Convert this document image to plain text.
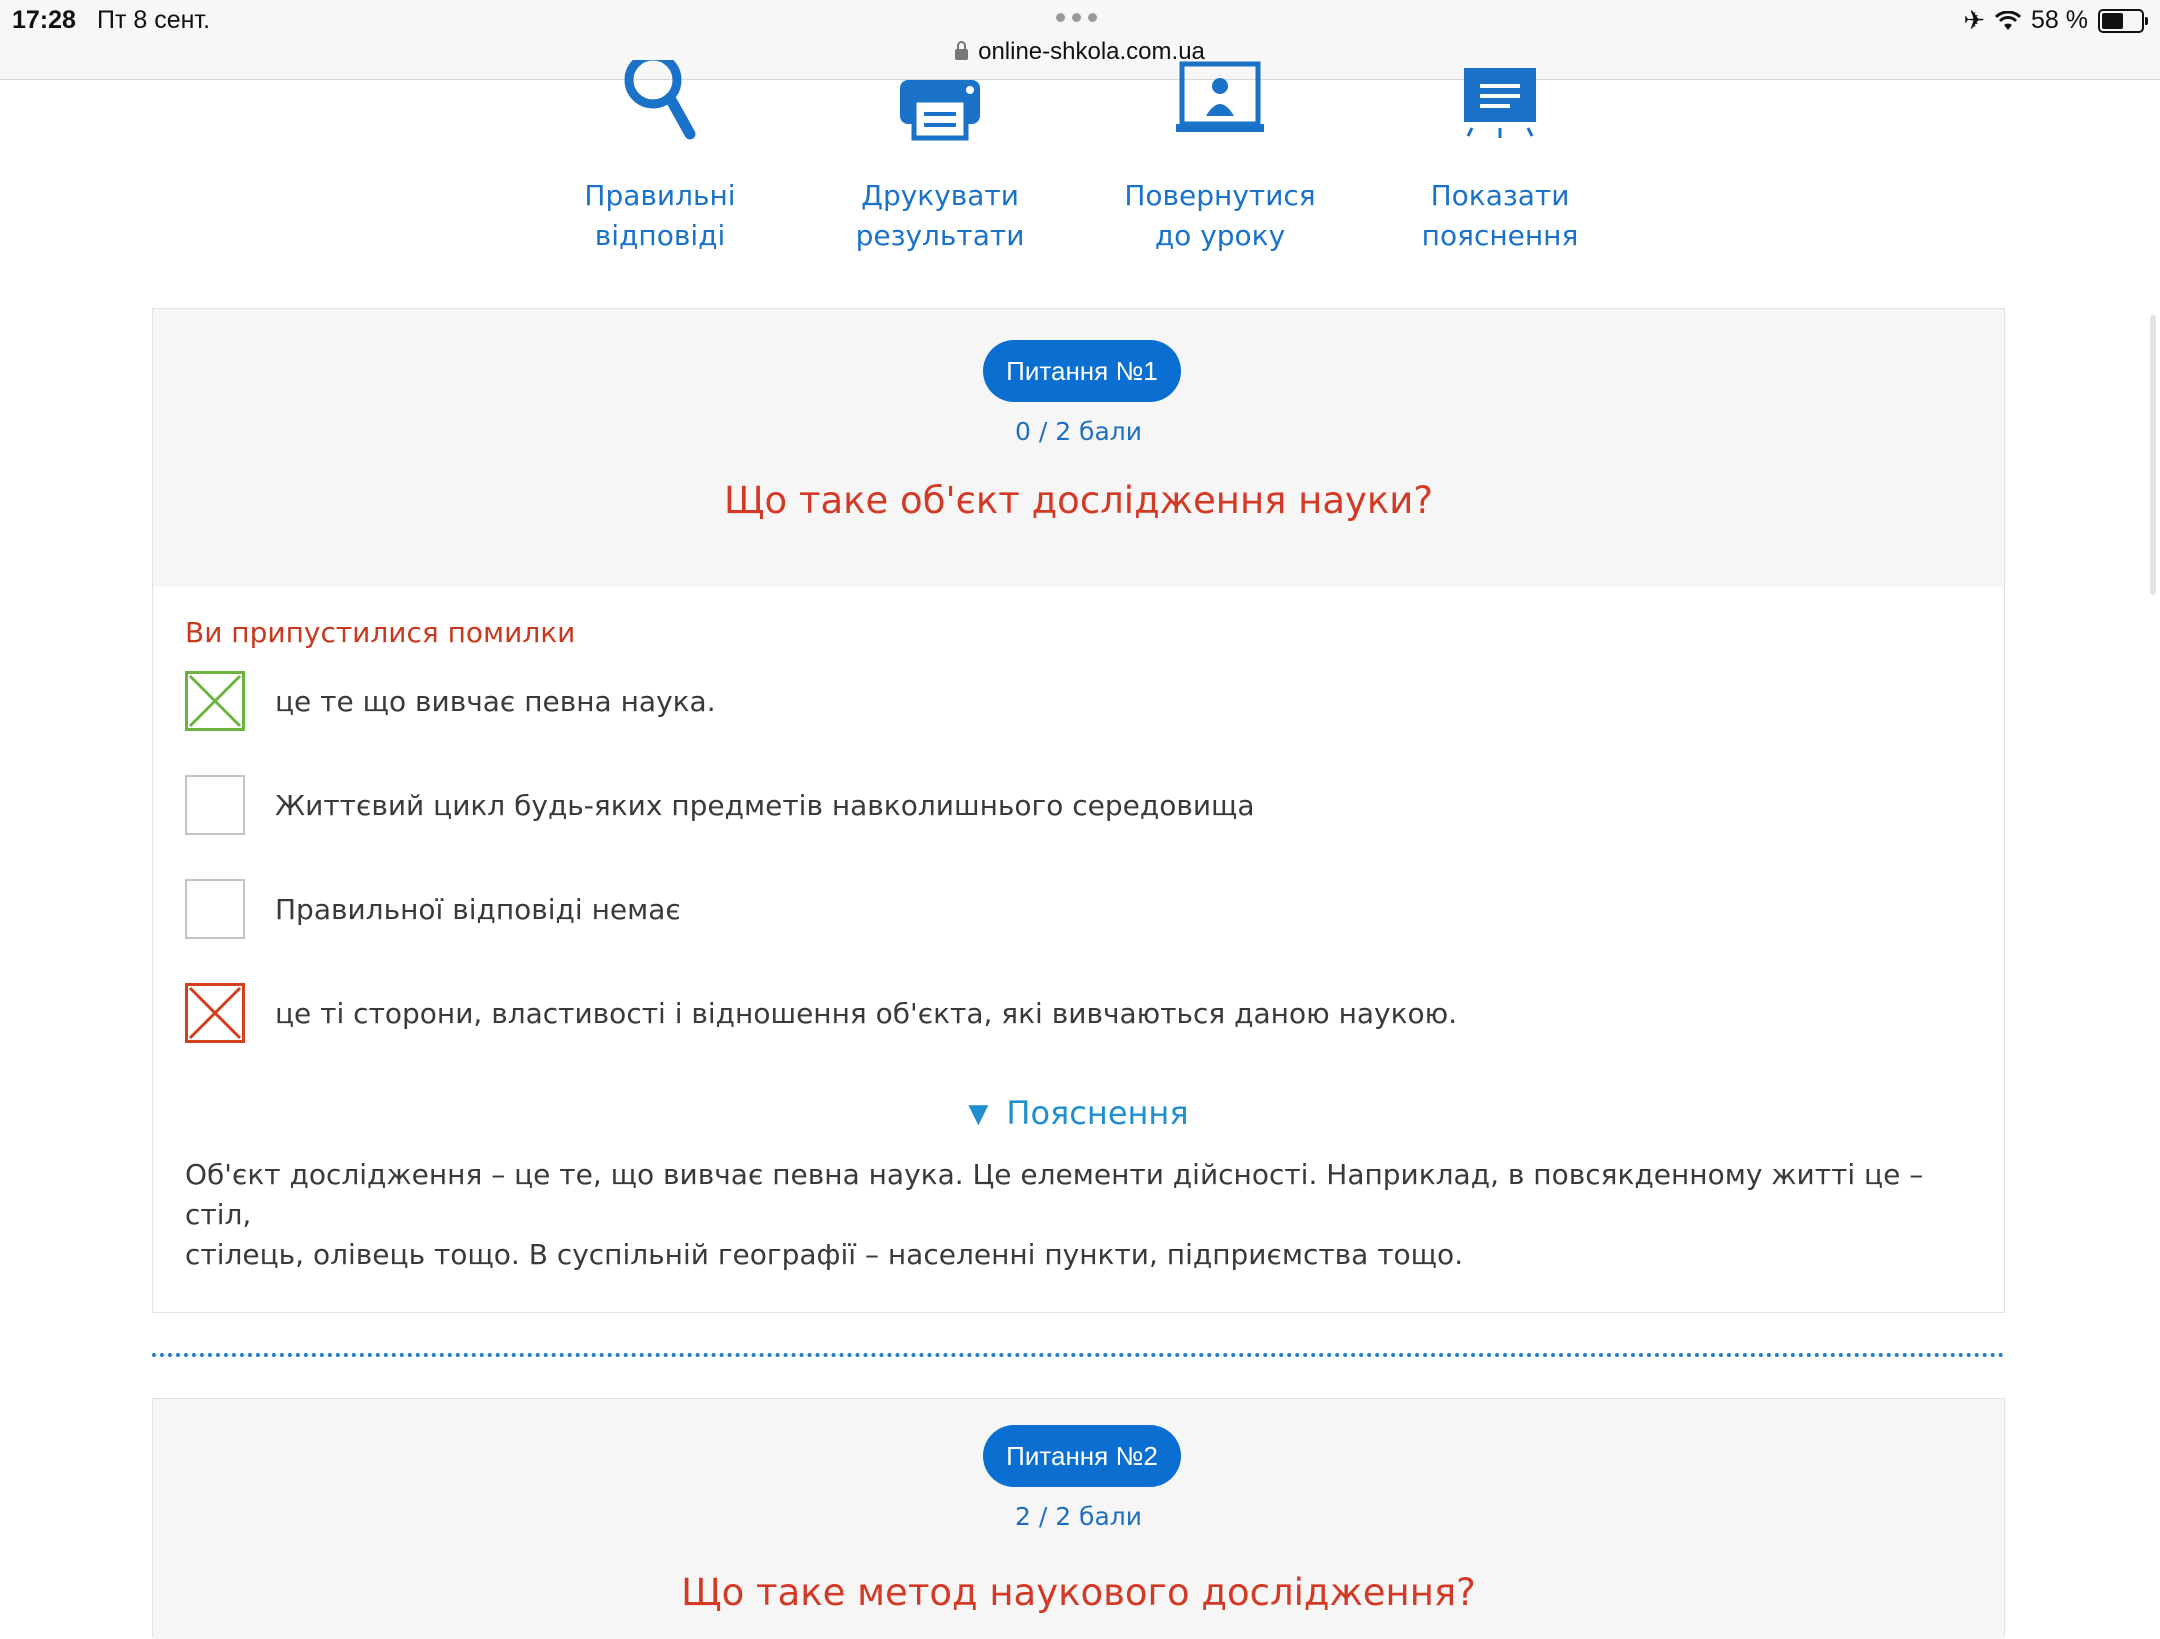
17:28 Пт 8 сент.
online-shkola.com.ua
✈ 58 %
Правильні
відповіді
Друкувати
результати
Повернутися
до уроку
Показати
пояснення
Питання №1
0 / 2 бали
Що таке об'єкт дослідження науки?
Ви припустилися помилки
це те що вивчає певна наука.
Життєвий цикл будь-яких предметів навколишнього середовища
Правильної відповіді немає
це ті сторони, властивості і відношення об'єкта, які вивчаються даною наукою.
▼ Пояснення
Об'єкт дослідження – це те, що вивчає певна наука. Це елементи дійсності. Наприклад, в повсякденному житті це – стіл,
стілець, олівець тощо. В суспільній географії – населенні пункти, підприємства тощо.
Питання №2
2 / 2 бали
Що таке метод наукового дослідження?
